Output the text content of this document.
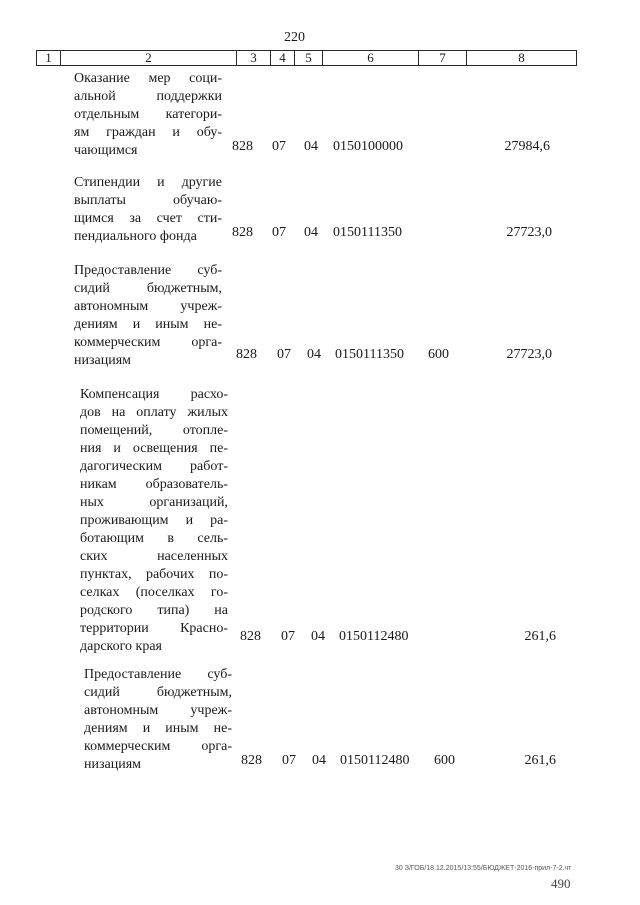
220
1	2	3	4	5	6	7	8
Оказание мер соци-
альной поддержки
отдельным категори-
ям граждан и обу-
чающимся	828 07 04 0150100000	27984,6
Стипендии и другие
выплаты обучаю-
щимся за счет сти-
пендиального фонда	828 07 04 0150111350	27723,0
Предоставление суб-
сидий бюджетным,
автономным учреж-
дениям и иным не-
коммерческим орга-
низациям	828 07 04 0150111350 600	27723,0
Компенсация расхо-
дов на оплату жилых
помещений, отопле-
ния и освещения пе-
дагогическим работ-
никам образователь-
ных организаций,
проживающим и ра-
ботающим в сель-
ских населенных
пунктах, рабочих по-
селках (поселках го-
родского типа) на
территории Красно-
дарского края
828 07 04 0150112480	261,6
Предоставление суб-
сидий бюджетным,
автономным учреж-
дениям и иным не-
коммерческим орга-
низациям	828 07 04 0150112480 600	261,6
30 З/ГОБ/18.12.2015/13:55/БЮДЖЕТ-2016-прил-7-2.чт
490
